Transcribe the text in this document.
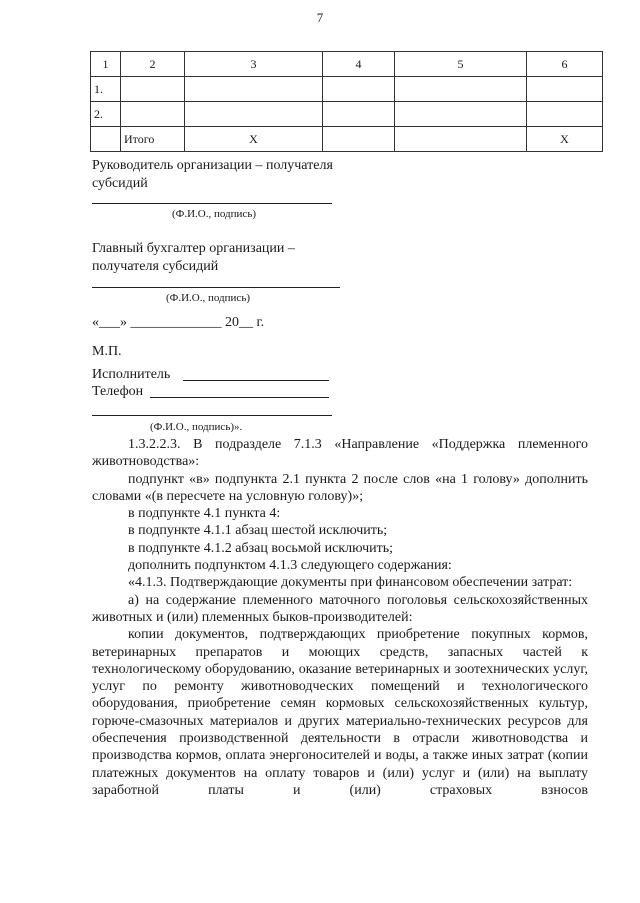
7
1	2	3	4	5	6
1.					
2.					
	Итого	Х			Х
Руководитель организации – получателя
субсидий
(Ф.И.О., подпись)
Главный бухгалтер организации –
получателя субсидий
(Ф.И.О., подпись)
«___» _____________ 20__ г.
М.П.
Исполнитель
Телефон
(Ф.И.О., подпись)».

1.3.2.2.3. В подразделе 7.1.3 «Направление «Поддержка племенного животноводства»:

подпункт «в» подпункта 2.1 пункта 2 после слов «на 1 голову» дополнить словами «(в пересчете на условную голову)»;

в подпункте 4.1 пункта 4:

в подпункте 4.1.1 абзац шестой исключить;

в подпункте 4.1.2 абзац восьмой исключить;

дополнить подпунктом 4.1.3 следующего содержания:

«4.1.3. Подтверждающие документы при финансовом обеспечении затрат:

а) на содержание племенного маточного поголовья сельскохозяйственных животных и (или) племенных быков-производителей:

копии документов, подтверждающих приобретение покупных кормов, ветеринарных препаратов и моющих средств, запасных частей к технологическому оборудованию, оказание ветеринарных и зоотехнических услуг, услуг по ремонту животноводческих помещений и технологического оборудования, приобретение семян кормовых сельскохозяйственных культур, горюче-смазочных материалов и других материально-технических ресурсов для обеспечения производственной деятельности в отрасли животноводства и производства кормов, оплата энергоносителей и воды, а также иных затрат (копии платежных документов на оплату товаров и (или) услуг и (или) на выплату заработной платы и (или) страховых взносов
